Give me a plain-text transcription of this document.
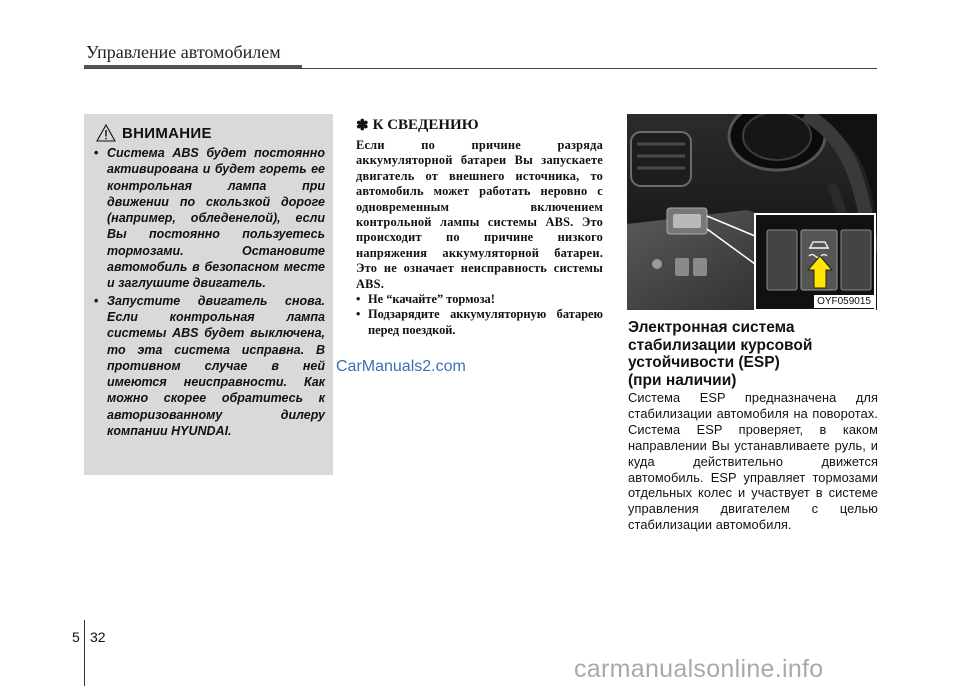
Управление автомобилем
ВНИМАНИЕ
• Система ABS будет постоянно активирована и будет гореть ее контрольная лампа при движении по скользкой дороге (например, обледенелой), если Вы постоянно пользуетесь тормозами. Остановите автомобиль в безопасном месте и заглушите двигатель.
• Запустите двигатель снова. Если контрольная лампа системы ABS будет выключена, то эта система исправна. В противном случае в ней имеются неисправности. Как можно скорее обратитесь к авторизованному дилеру компании HYUNDAI.
✽ К СВЕДЕНИЮ
Если по причине разряда аккумуляторной батареи Вы запускаете двигатель от внешнего источника, то автомобиль может работать неровно с одновременным включением контрольной лампы системы ABS. Это происходит по причине низкого напряжения аккумуляторной батареи. Это не означает неисправность системы ABS.
• Не “качайте” тормоза!
• Подзарядите аккумуляторную батарею перед поездкой.
OYF059015
Электронная система
стабилизации курсовой
устойчивости (ESP)
(при наличии)
Система ESP предназначена для стабилизации автомобиля на поворотах. Система ESP проверяет, в каком направлении Вы устанавливаете руль, и куда действительно движется автомобиль. ESP управляет тормозами отдельных колес и участвует в системе управления двигателем с целью стабилизации автомобиля.
CarManuals2.com
5 32
carmanualsonline.info
